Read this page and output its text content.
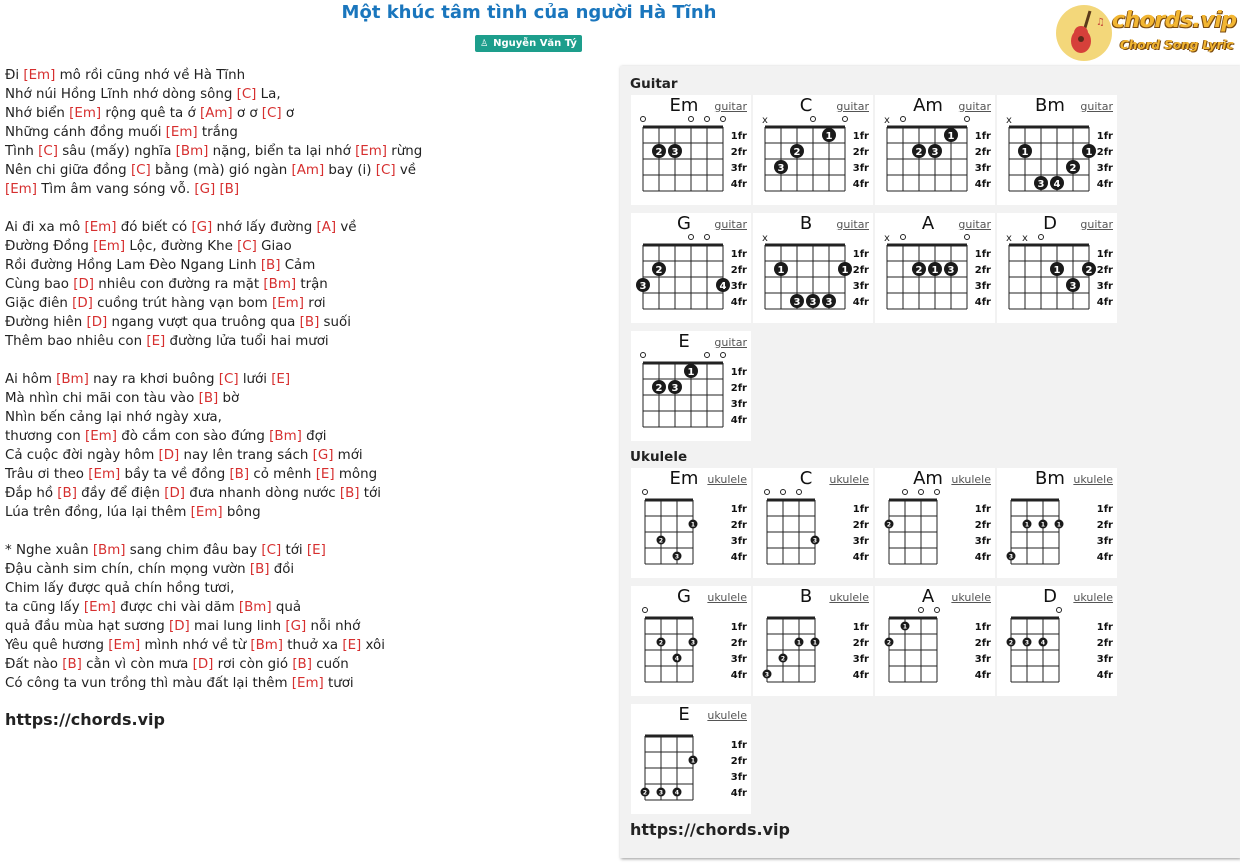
Một khúc tâm tình của người Hà Tĩnh
♙ Nguyễn Văn Tý
♫ chords.vip
Chord Song Lyric
Đi [Em] mô rồi cũng nhớ về Hà Tĩnh
Nhớ núi Hồng Lĩnh nhớ dòng sông [C] La,
Nhớ biển [Em] rộng quê ta ớ [Am] ơ ơ [C] ơ
Những cánh đồng muối [Em] trắng
Tình [C] sâu (mấy) nghĩa [Bm] nặng, biển ta lại nhớ [Em] rừng
Nên chi giữa đồng [C] bằng (mà) gió ngàn [Am] bay (i) [C] về
[Em] Tìm âm vang sóng vỗ. [G] [B]
Ai đi xa mô [Em] đó biết có [G] nhớ lấy đường [A] về
Đường Đồng [Em] Lộc, đường Khe [C] Giao
Rồi đường Hồng Lam Đèo Ngang Linh [B] Cảm
Cùng bao [D] nhiêu con đường ra mặt [Bm] trận
Giặc điên [D] cuồng trút hàng vạn bom [Em] rơi
Đường hiên [D] ngang vượt qua truông qua [B] suối
Thêm bao nhiêu con [E] đường lửa tuổi hai mươi
Ai hôm [Bm] nay ra khơi buông [C] lưới [E]
Mà nhìn chi mãi con tàu vào [B] bờ
Nhìn bến cảng lại nhớ ngày xưa,
thương con [Em] đò cắm con sào đứng [Bm] đợi
Cả cuộc đời ngày hôm [D] nay lên trang sách [G] mới
Trâu ơi theo [Em] bầy ta về đồng [B] cỏ mênh [E] mông
Đắp hồ [B] đầy để điện [D] đưa nhanh dòng nước [B] tới
Lúa trên đồng, lúa lại thêm [Em] bông
* Nghe xuân [Bm] sang chim đâu bay [C] tới [E]
Đậu cành sim chín, chín mọng vườn [B] đồi
Chim lấy được quả chín hồng tươi,
ta cũng lấy [Em] được chi vài dăm [Bm] quả
quả đầu mùa hạt sương [D] mai lung linh [G] nỗi nhớ
Yêu quê hương [Em] mình nhớ về từ [Bm] thuở xa [E] xôi
Đất nào [B] cằn vì còn mưa [D] rơi còn gió [B] cuốn
Có công ta vun trồng thì màu đất lại thêm [Em] tươi
https://chords.vip
Guitar
Em	guitar
2 3
1fr
2fr
3fr
4fr
C	guitar
x
3
2
1 1fr
2fr
3fr
4fr
Am	guitar
x
2 3
1 1fr
2fr
3fr
4fr
Bm	guitar
x
1	1
2
3 4
1fr
2fr
3fr
4fr
G	guitar
3
2
4
1fr
2fr
3fr
4fr
B	guitar
x
1	1
3 3 3
1fr
2fr
3fr
4fr
A	guitar
x
2 1 3
1fr
2fr
3fr
4fr
D	guitar
x x
1
3
2
1fr
2fr
3fr
4fr
E	guitar
2 3
1	1fr
2fr
3fr
4fr
Ukulele
Em ukulele
2
3
1
1fr
2fr
3fr
4fr
C	ukulele
3
1fr
2fr
3fr
4fr
Am ukulele
2
1fr
2fr
3fr
4fr
Bm ukulele
3
1 1 1
1fr
2fr
3fr
4fr
G	ukulele
2
4
3
1fr
2fr
3fr
4fr
B	ukulele
3
2
1 1
1fr
2fr
3fr
4fr
A	ukulele
2
1	1fr
2fr
3fr
4fr
D	ukulele
2 3 4
1fr
2fr
3fr
4fr
E	ukulele
2 3 4
1
1fr
2fr
3fr
4fr
https://chords.vip
